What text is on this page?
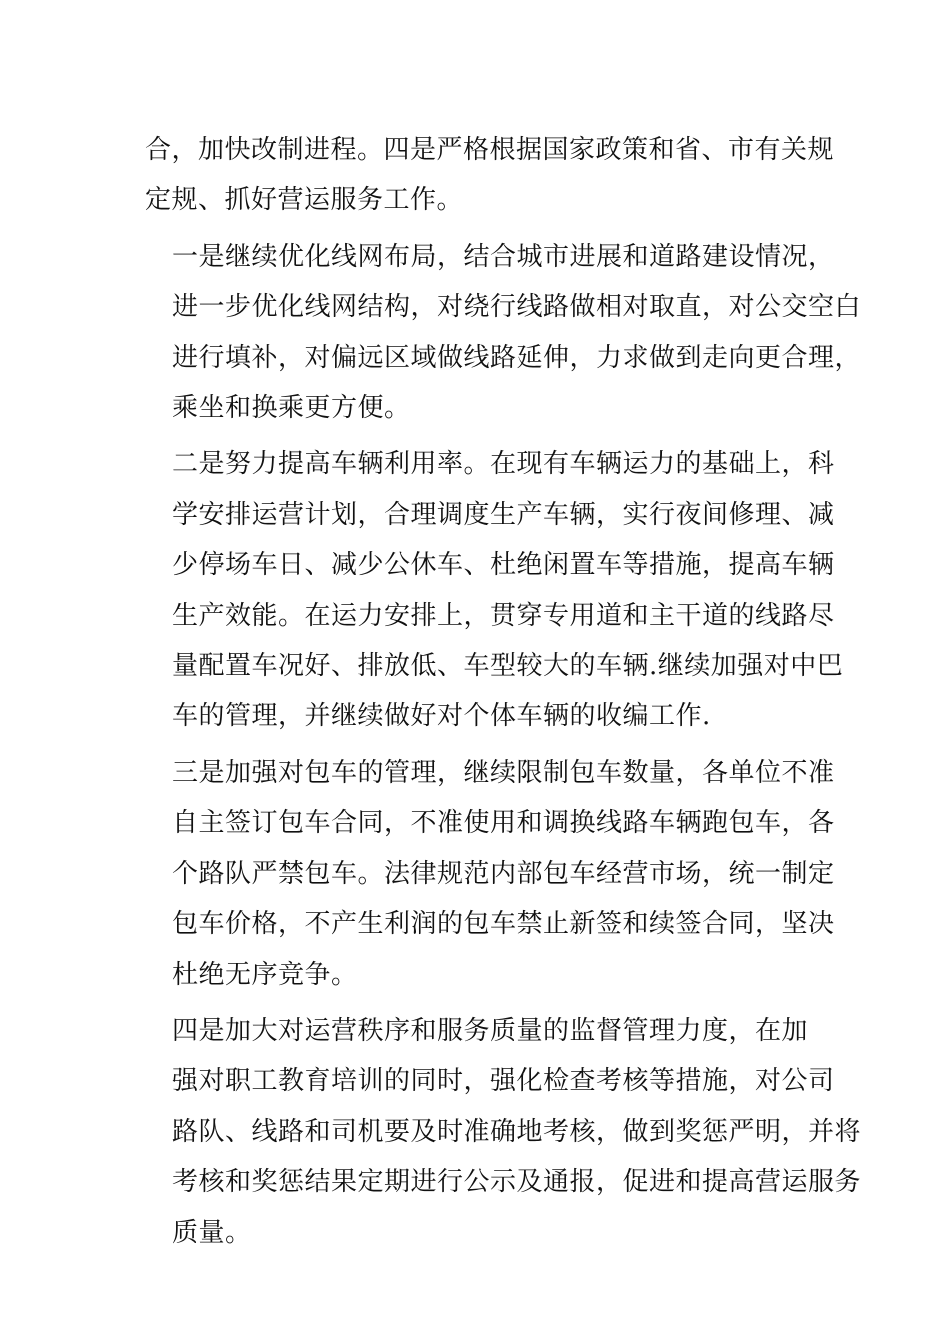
合，加快改制进程。四是严格根据国家政策和省、市有关规
定规、抓好营运服务工作。

一是继续优化线网布局，结合城市进展和道路建设情况，
进一步优化线网结构，对绕行线路做相对取直，对公交空白
进行填补，对偏远区域做线路延伸，力求做到走向更合理，
乘坐和换乘更方便。

二是努力提高车辆利用率。在现有车辆运力的基础上，科
学安排运营计划，合理调度生产车辆，实行夜间修理、减
少停场车日、减少公休车、杜绝闲置车等措施，提高车辆
生产效能。在运力安排上，贯穿专用道和主干道的线路尽
量配置车况好、排放低、车型较大的车辆.继续加强对中巴
车的管理，并继续做好对个体车辆的收编工作.

三是加强对包车的管理，继续限制包车数量，各单位不准
自主签订包车合同，不准使用和调换线路车辆跑包车，各
个路队严禁包车。法律规范内部包车经营市场，统一制定
包车价格，不产生利润的包车禁止新签和续签合同，坚决
杜绝无序竞争。

四是加大对运营秩序和服务质量的监督管理力度，在加
强对职工教育培训的同时，强化检查考核等措施，对公司
路队、线路和司机要及时准确地考核，做到奖惩严明，并将
考核和奖惩结果定期进行公示及通报，促进和提高营运服务
质量。
